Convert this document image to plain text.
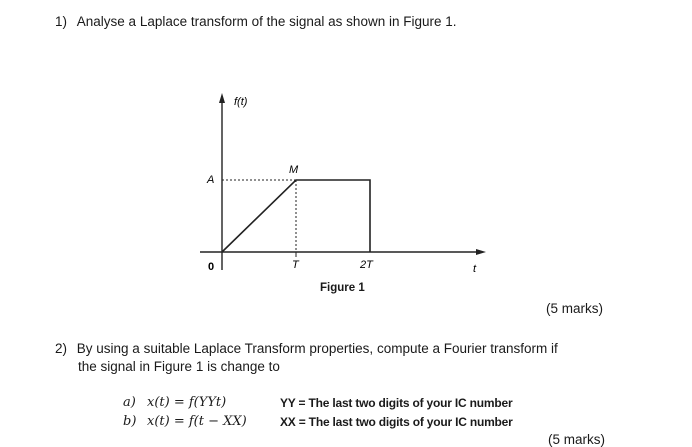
1) Analyse a Laplace transform of the signal as shown in Figure 1.
f(t)
A
M
0	T	2T	t
Figure 1
(5 marks)
2) By using a suitable Laplace Transform properties, compute a Fourier transform if
the signal in Figure 1 is change to
a) x(t) = f(YYt)	YY = The last two digits of your IC number
b) x(t) = f(t − XX)	XX = The last two digits of your IC number
(5 marks)
